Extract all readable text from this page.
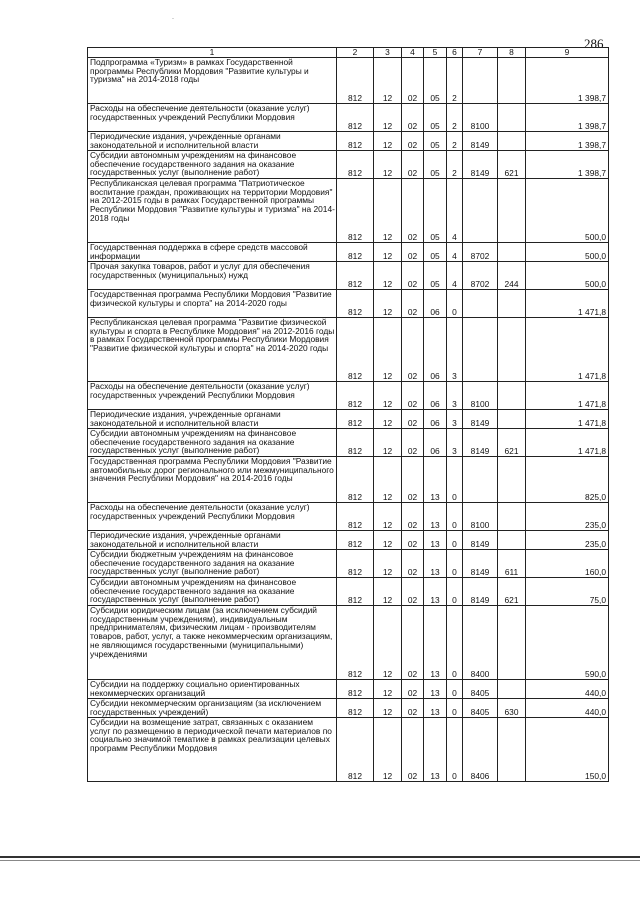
·
286
1	2	3	4	5	6	7	8	9
Подпрограмма «Туризм» в рамках Государственной программы Республики Мордовия "Развитие культуры и туризма" на 2014-2018 годы	812	12	02	05	2			1 398,7
Расходы на обеспечение деятельности (оказание услуг) государственных учреждений Республики Мордовия	812	12	02	05	2	8100		1 398,7
Периодические издания, учрежденные органами законодательной и исполнительной власти	812	12	02	05	2	8149		1 398,7
Субсидии автономным учреждениям на финансовое обеспечение государственного задания на оказание государственных услуг (выполнение работ)	812	12	02	05	2	8149	621	1 398,7
Республиканская целевая программа "Патриотическое воспитание граждан, проживающих на территории Мордовия" на 2012-2015 годы в рамках Государственной программы Республики Мордовия "Развитие культуры и туризма" на 2014-2018 годы	812	12	02	05	4			500,0
Государственная поддержка в сфере средств массовой информации	812	12	02	05	4	8702		500,0
Прочая закупка товаров, работ и услуг для обеспечения государственных (муниципальных) нужд	812	12	02	05	4	8702	244	500,0
Государственная программа Республики Мордовия "Развитие физической культуры и спорта" на 2014-2020 годы	812	12	02	06	0			1 471,8
Республиканская целевая программа "Развитие физической культуры и спорта в Республике Мордовия" на 2012-2016 годы в рамках Государственной программы Республики Мордовия "Развитие физической культуры и спорта" на 2014-2020 годы	812	12	02	06	3			1 471,8
Расходы на обеспечение деятельности (оказание услуг) государственных учреждений Республики Мордовия	812	12	02	06	3	8100		1 471,8
Периодические издания, учрежденные органами законодательной и исполнительной власти	812	12	02	06	3	8149		1 471,8
Субсидии автономным учреждениям на финансовое обеспечение государственного задания на оказание государственных услуг (выполнение работ)	812	12	02	06	3	8149	621	1 471,8
Государственная программа Республики Мордовия "Развитие автомобильных дорог регионального или межмуниципального значения Республики Мордовия" на 2014-2016 годы	812	12	02	13	0			825,0
Расходы на обеспечение деятельности (оказание услуг) государственных учреждений Республики Мордовия	812	12	02	13	0	8100		235,0
Периодические издания, учрежденные органами законодательной и исполнительной власти	812	12	02	13	0	8149		235,0
Субсидии бюджетным учреждениям на финансовое обеспечение государственного задания на оказание государственных услуг (выполнение работ)	812	12	02	13	0	8149	611	160,0
Субсидии автономным учреждениям на финансовое обеспечение государственного задания на оказание государственных услуг (выполнение работ)	812	12	02	13	0	8149	621	75,0
Субсидии юридическим лицам (за исключением субсидий государственным учреждениям), индивидуальным предпринимателям, физическим лицам - производителям товаров, работ, услуг, а также некоммерческим организациям, не являющимся государственными (муниципальными) учреждениями	812	12	02	13	0	8400		590,0
Субсидии на поддержку социально ориентированных некоммерческих организаций	812	12	02	13	0	8405		440,0
Субсидии некоммерческим организациям (за исключением государственных учреждений)	812	12	02	13	0	8405	630	440,0
Субсидии на возмещение затрат, связанных с оказанием услуг по размещению в периодической печати материалов по социально значимой тематике в рамках реализации целевых программ Республики Мордовия	812	12	02	13	0	8406		150,0
